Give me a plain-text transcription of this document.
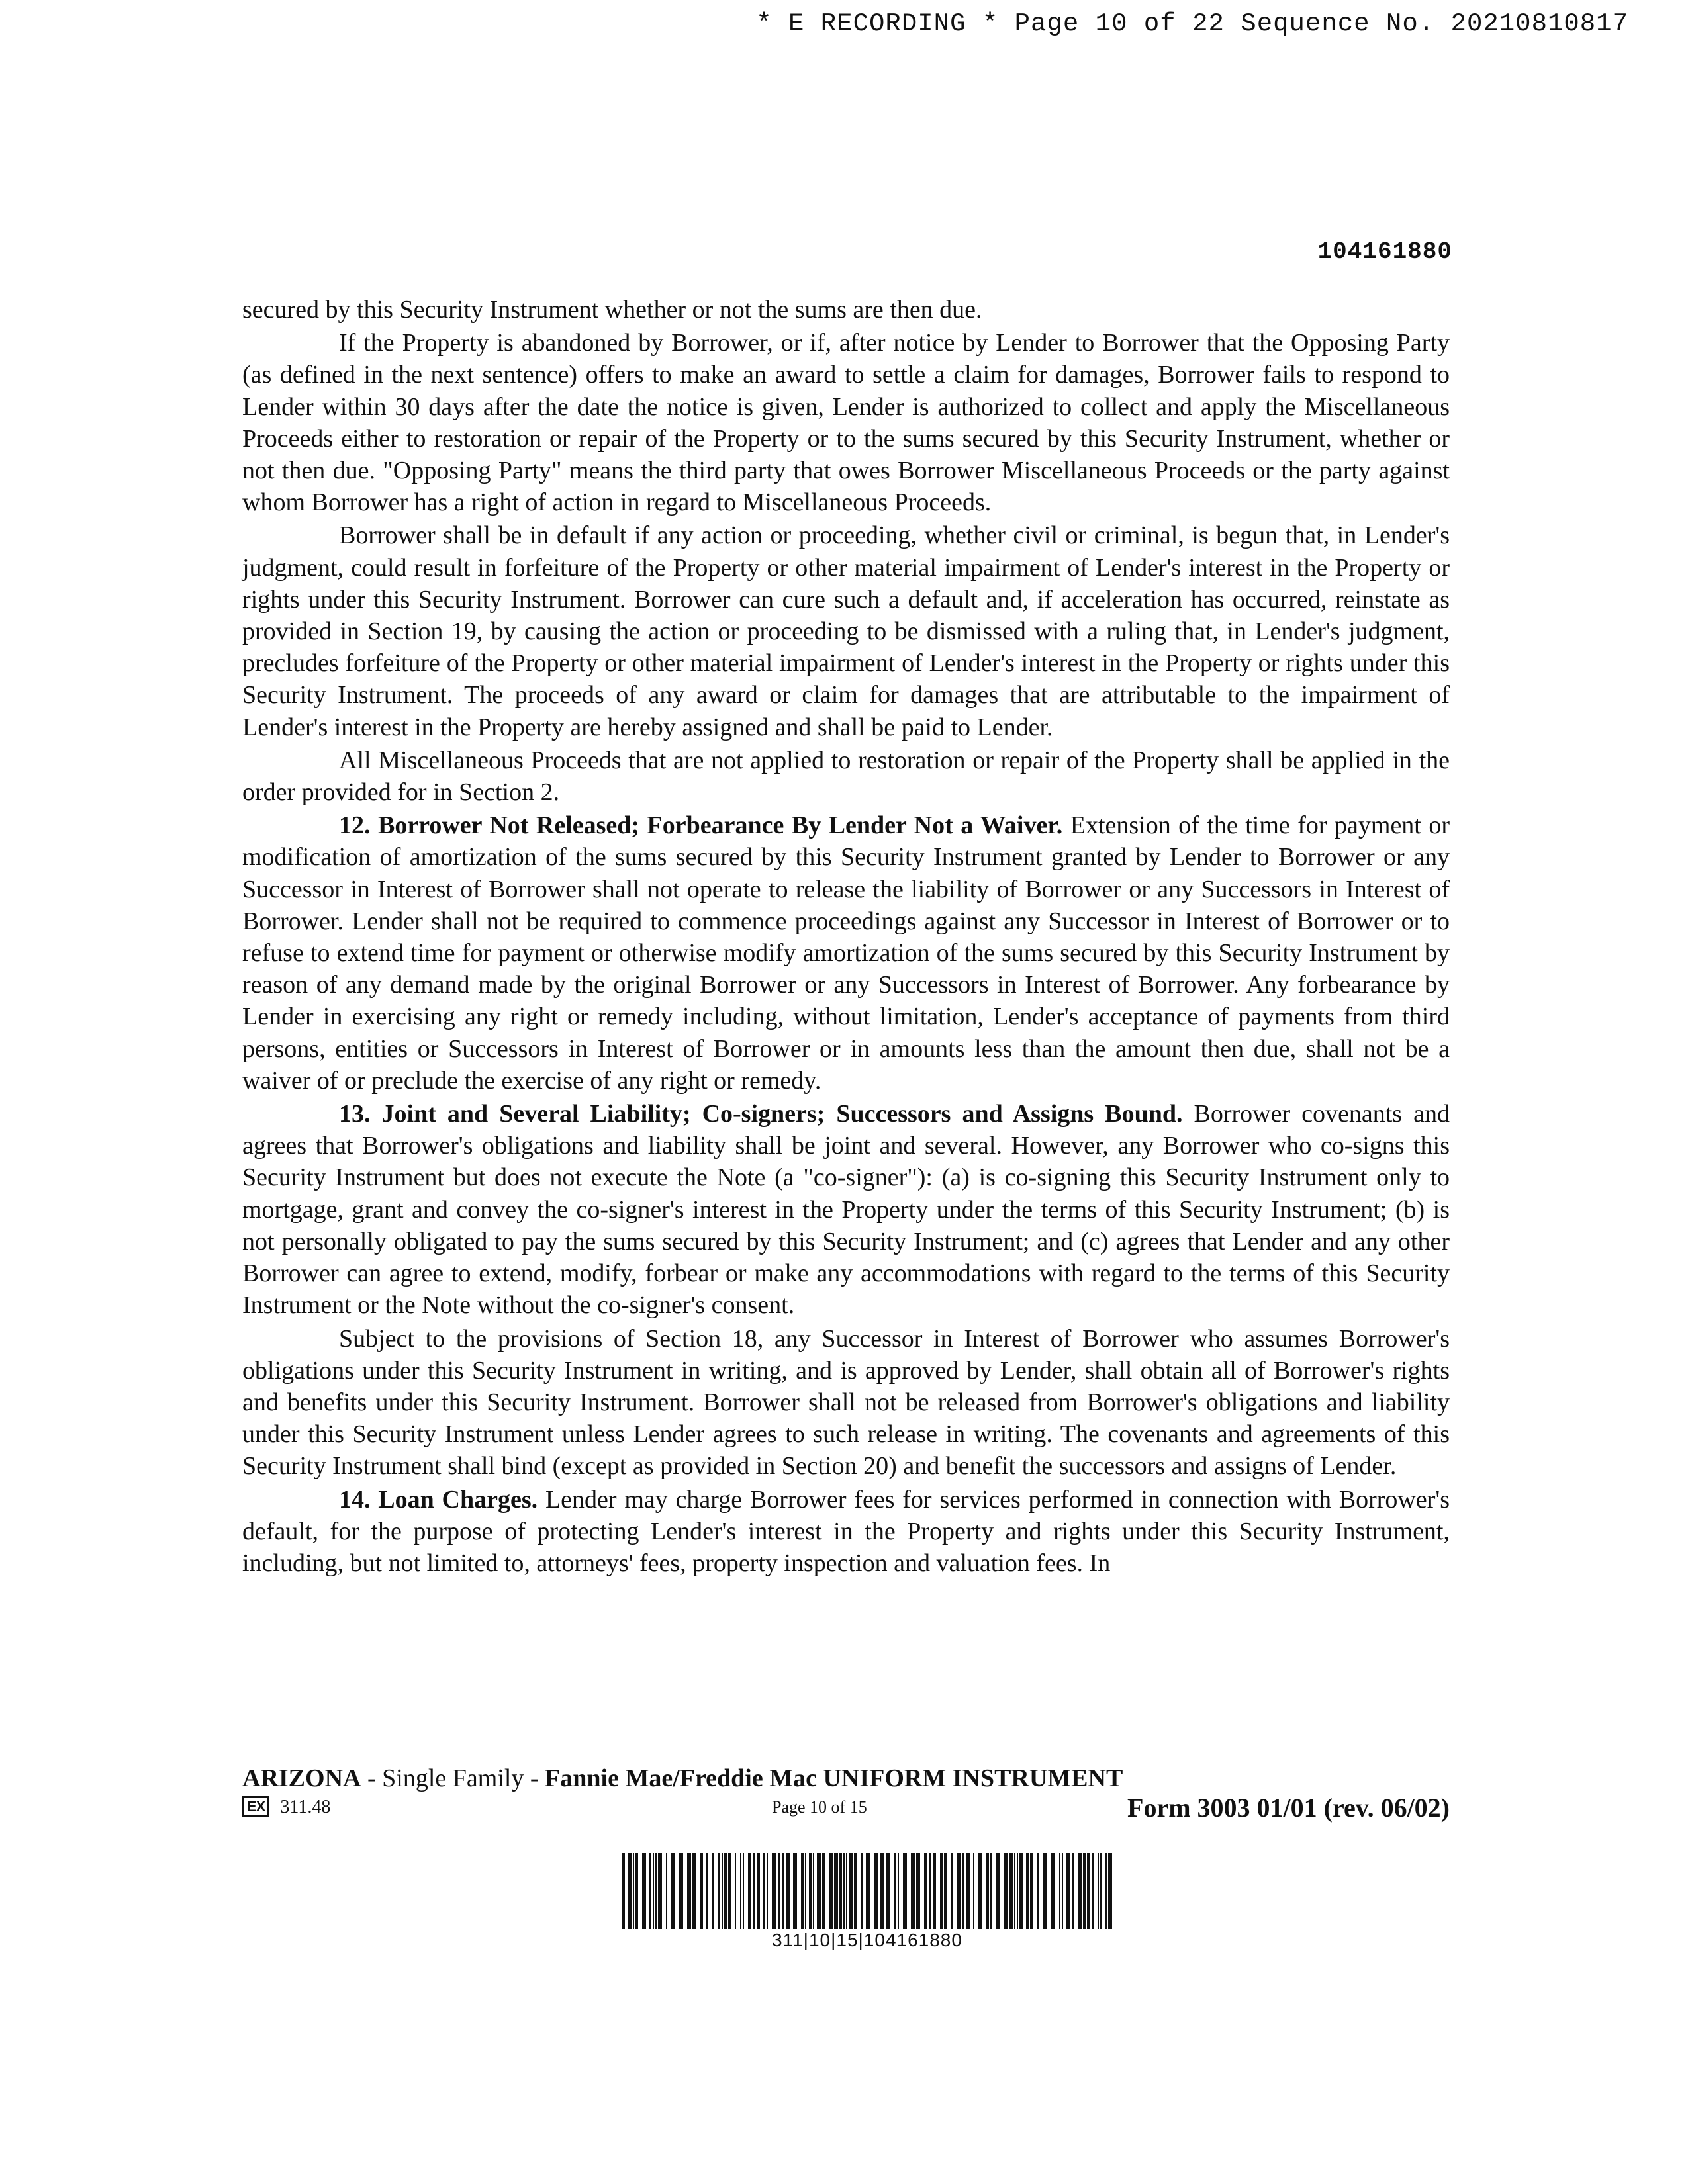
* E RECORDING * Page 10 of 22 Sequence No. 20210810817
104161880

secured by this Security Instrument whether or not the sums are then due.

If the Property is abandoned by Borrower, or if, after notice by Lender to Borrower that the Opposing Party (as defined in the next sentence) offers to make an award to settle a claim for damages, Borrower fails to respond to Lender within 30 days after the date the notice is given, Lender is authorized to collect and apply the Miscellaneous Proceeds either to restoration or repair of the Property or to the sums secured by this Security Instrument, whether or not then due. "Opposing Party" means the third party that owes Borrower Miscellaneous Proceeds or the party against whom Borrower has a right of action in regard to Miscellaneous Proceeds.

Borrower shall be in default if any action or proceeding, whether civil or criminal, is begun that, in Lender's judgment, could result in forfeiture of the Property or other material impairment of Lender's interest in the Property or rights under this Security Instrument. Borrower can cure such a default and, if acceleration has occurred, reinstate as provided in Section 19, by causing the action or proceeding to be dismissed with a ruling that, in Lender's judgment, precludes forfeiture of the Property or other material impairment of Lender's interest in the Property or rights under this Security Instrument. The proceeds of any award or claim for damages that are attributable to the impairment of Lender's interest in the Property are hereby assigned and shall be paid to Lender.

All Miscellaneous Proceeds that are not applied to restoration or repair of the Property shall be applied in the order provided for in Section 2.

12. Borrower Not Released; Forbearance By Lender Not a Waiver. Extension of the time for payment or modification of amortization of the sums secured by this Security Instrument granted by Lender to Borrower or any Successor in Interest of Borrower shall not operate to release the liability of Borrower or any Successors in Interest of Borrower. Lender shall not be required to commence proceedings against any Successor in Interest of Borrower or to refuse to extend time for payment or otherwise modify amortization of the sums secured by this Security Instrument by reason of any demand made by the original Borrower or any Successors in Interest of Borrower. Any forbearance by Lender in exercising any right or remedy including, without limitation, Lender's acceptance of payments from third persons, entities or Successors in Interest of Borrower or in amounts less than the amount then due, shall not be a waiver of or preclude the exercise of any right or remedy.

13. Joint and Several Liability; Co-signers; Successors and Assigns Bound. Borrower covenants and agrees that Borrower's obligations and liability shall be joint and several. However, any Borrower who co-signs this Security Instrument but does not execute the Note (a "co-signer"): (a) is co-signing this Security Instrument only to mortgage, grant and convey the co-signer's interest in the Property under the terms of this Security Instrument; (b) is not personally obligated to pay the sums secured by this Security Instrument; and (c) agrees that Lender and any other Borrower can agree to extend, modify, forbear or make any accommodations with regard to the terms of this Security Instrument or the Note without the co-signer's consent.

Subject to the provisions of Section 18, any Successor in Interest of Borrower who assumes Borrower's obligations under this Security Instrument in writing, and is approved by Lender, shall obtain all of Borrower's rights and benefits under this Security Instrument. Borrower shall not be released from Borrower's obligations and liability under this Security Instrument unless Lender agrees to such release in writing. The covenants and agreements of this Security Instrument shall bind (except as provided in Section 20) and benefit the successors and assigns of Lender.

14. Loan Charges. Lender may charge Borrower fees for services performed in connection with Borrower's default, for the purpose of protecting Lender's interest in the Property and rights under this Security Instrument, including, but not limited to, attorneys' fees, property inspection and valuation fees. In

ARIZONA - Single Family - Fannie Mae/Freddie Mac UNIFORM INSTRUMENT
EX 311.48	Page 10 of 15	Form 3003 01/01 (rev. 06/02)
311|10|15|104161880
